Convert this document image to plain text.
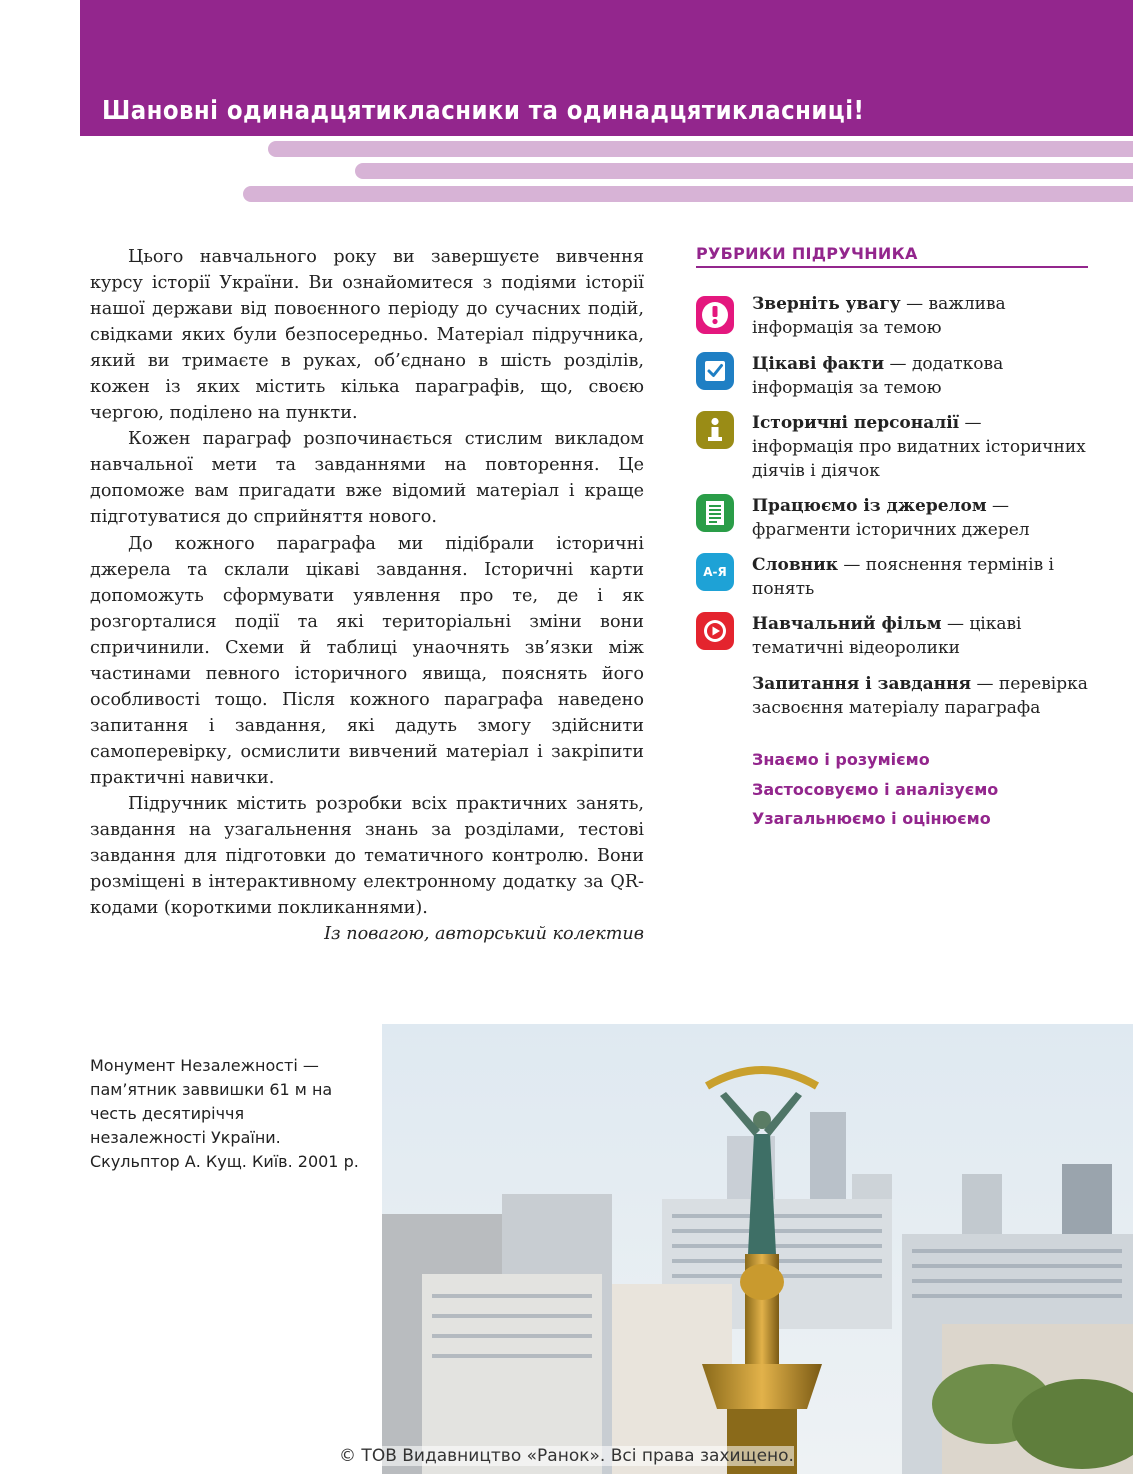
Шановні одинадцятикласники та одинадцятикласниці!

Цього навчального року ви завершуєте вивчення курсу історії України. Ви ознайомитеся з подіями історії нашої держави від повоєнного періоду до сучасних подій, свідками яких були безпосередньо. Матеріал підручника, який ви тримаєте в руках, об’єднано в шість розділів, кожен із яких містить кілька параграфів, що, своєю чергою, поділено на пункти.

Кожен параграф розпочинається стислим викладом навчальної мети та завданнями на повторення. Це допоможе вам пригадати вже відомий матеріал і краще підготуватися до сприйняття нового.

До кожного параграфа ми підібрали історичні джерела та склали цікаві завдання. Історичні карти допоможуть сформувати уявлення про те, де і як розгорталися події та які територіальні зміни вони спричинили. Схеми й таблиці унаочнять зв’язки між частинами певного історичного явища, пояснять його особливості тощо. Після кожного параграфа наведено запитання і завдання, які дадуть змогу здійснити самоперевірку, осмислити вивчений матеріал і закріпити практичні навички.

Підручник містить розробки всіх практичних занять, завдання на узагальнення знань за розділами, тестові завдання для підготовки до тематичного контролю. Вони розміщені в інтерактивному електронному додатку за QR-кодами (короткими покликаннями).

Із повагою, авторський колектив

РУБРИКИ ПІДРУЧНИКА
Зверніть увагу — важлива інформація за темою
Цікаві факти — додаткова інформація за темою
Історичні персоналії — інформація про видатних історичних діячів і діячок
Працюємо із джерелом — фрагменти історичних джерел
А-Я	Словник — пояснення термінів і понять
Навчальний фільм — цікаві тематичні відеоролики
Запитання і завдання — перевірка засвоєння матеріалу параграфа
Знаємо і розуміємо
Застосовуємо і аналізуємо
Узагальнюємо і оцінюємо
Монумент Незалежності — пам’ятник заввишки 61 м на честь десятиріччя незалежності України. Скульптор А. Кущ. Київ. 2001 р.
© ТОВ Видавництво «Ранок». Всі права захищено.
